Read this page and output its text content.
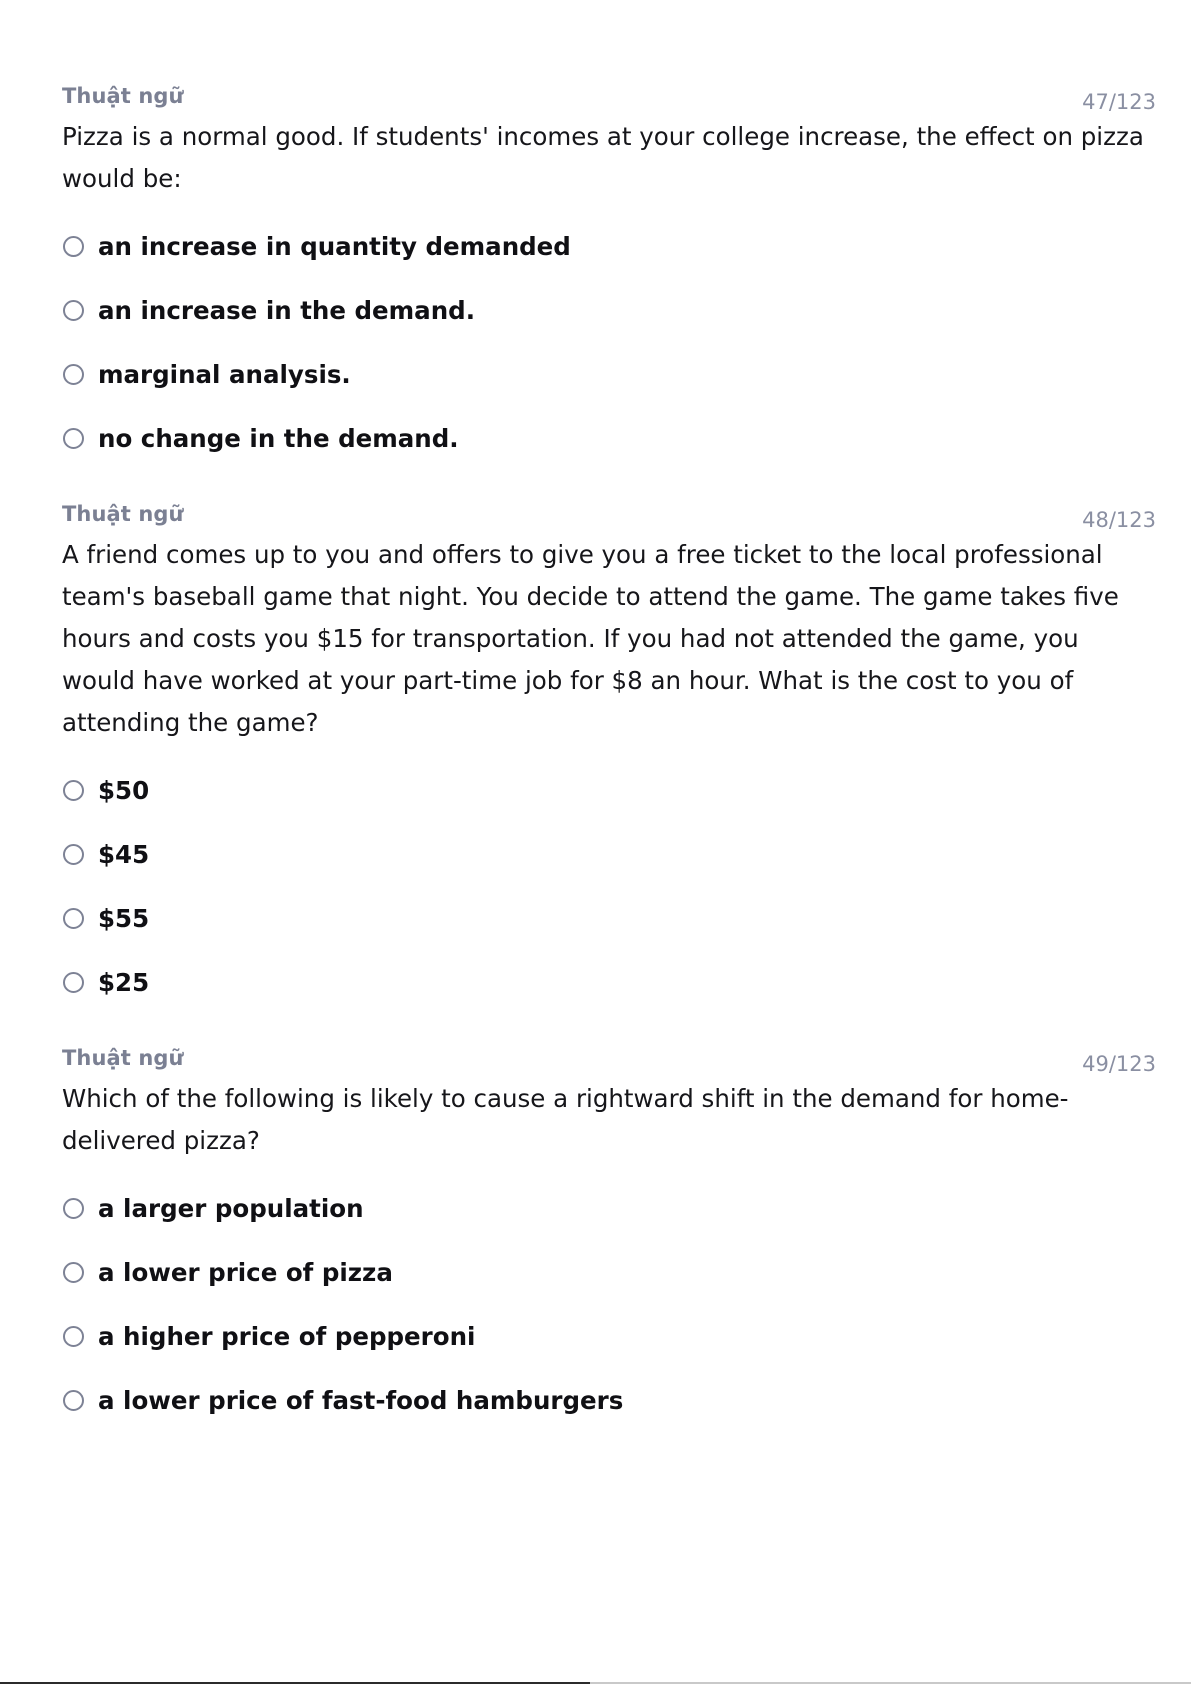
Thuật ngữ	47/123
Pizza is a normal good. If students' incomes at your college increase, the effect on pizza would be:
an increase in quantity demanded
an increase in the demand.
marginal analysis.
no change in the demand.
Thuật ngữ	48/123
A friend comes up to you and offers to give you a free ticket to the local professional team's baseball game that night. You decide to attend the game. The game takes five hours and costs you $15 for transportation. If you had not attended the game, you would have worked at your part-time job for $8 an hour. What is the cost to you of attending the game?
$50
$45
$55
$25
Thuật ngữ	49/123
Which of the following is likely to cause a rightward shift in the demand for home-delivered pizza?
a larger population
a lower price of pizza
a higher price of pepperoni
a lower price of fast-food hamburgers
